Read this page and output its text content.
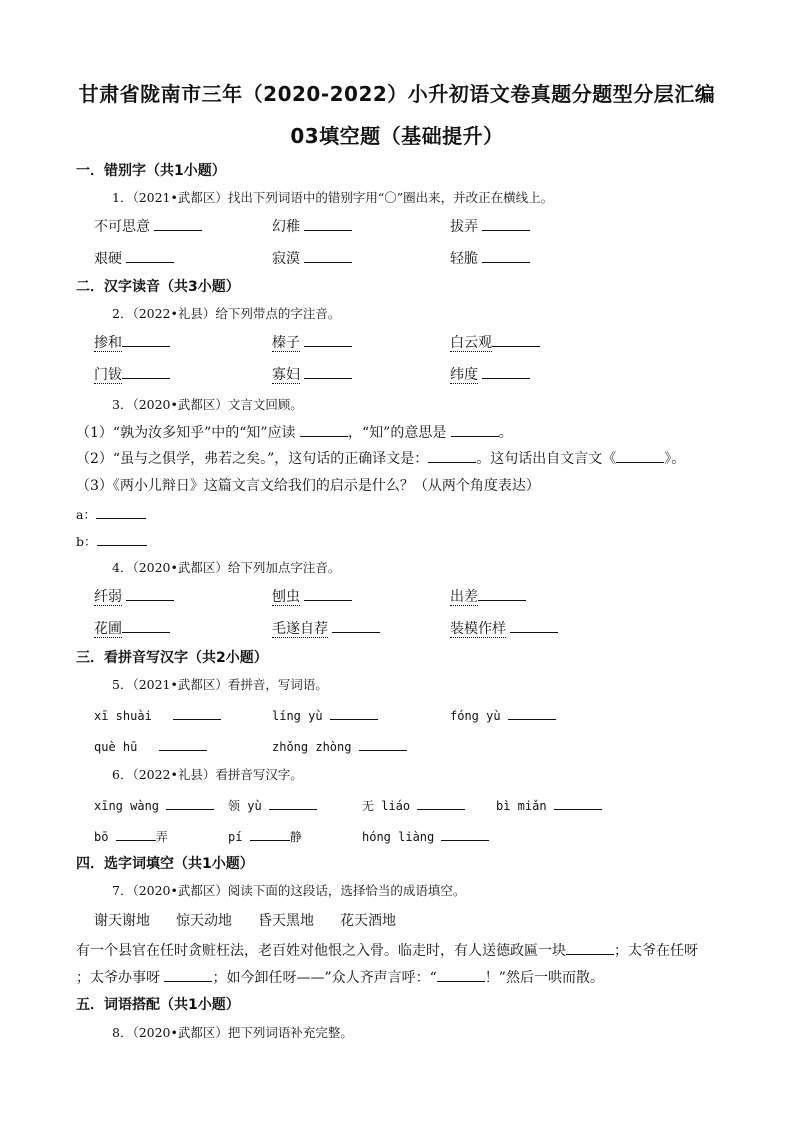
甘肃省陇南市三年（2020-2022）小升初语文卷真题分题型分层汇编
03填空题（基础提升）
一．错别字（共1小题）
1．（2021•武都区）找出下列词语中的错别字用“〇”圈出来，并改正在横线上。
不可思意	幻稚	拔弄
艰硬	寂漠	轻脆
二．汉字读音（共3小题）
2．（2022•礼县）给下列带点的字注音。
掺和	榛子	白云观
门钹	寡妇	纬度
3．（2020•武都区）文言文回顾。
（1）“孰为汝多知乎”中的“知”应读	，“知”的意思是	。
（2）“虽与之俱学，弗若之矣。”，这句话的正确译文是：	。这句话出自文言文《	》。
（3）《两小儿辩日》这篇文言文给我们的启示是什么？（从两个角度表达）
a：
b：
4．（2020•武都区）给下列加点字注音。
纤弱	刨虫	出差
花圃	毛遂自荐	装模作样
三．看拼音写汉字（共2小题）
5．（2021•武都区）看拼音，写词语。
xī shuài	líng yù	fóng yù
què hū	zhǒng zhòng
6．（2022•礼县）看拼音写汉字。
xīng wàng	领 yù	无 liáo	bì miǎn
bō	弄	pí	静	hóng liàng
四．选字词填空（共1小题）
7．（2020•武都区）阅读下面的这段话，选择恰当的成语填空。
谢天谢地 惊天动地 昏天黑地 花天酒地
有一个县官在任时贪赃枉法，老百姓对他恨之入骨。临走时，有人送德政匾一块	；太爷在任呀
；太爷办事呀	；如今卸任呀——”众人齐声言呼：“	！”然后一哄而散。
五．词语搭配（共1小题）
8．（2020•武都区）把下列词语补充完整。
